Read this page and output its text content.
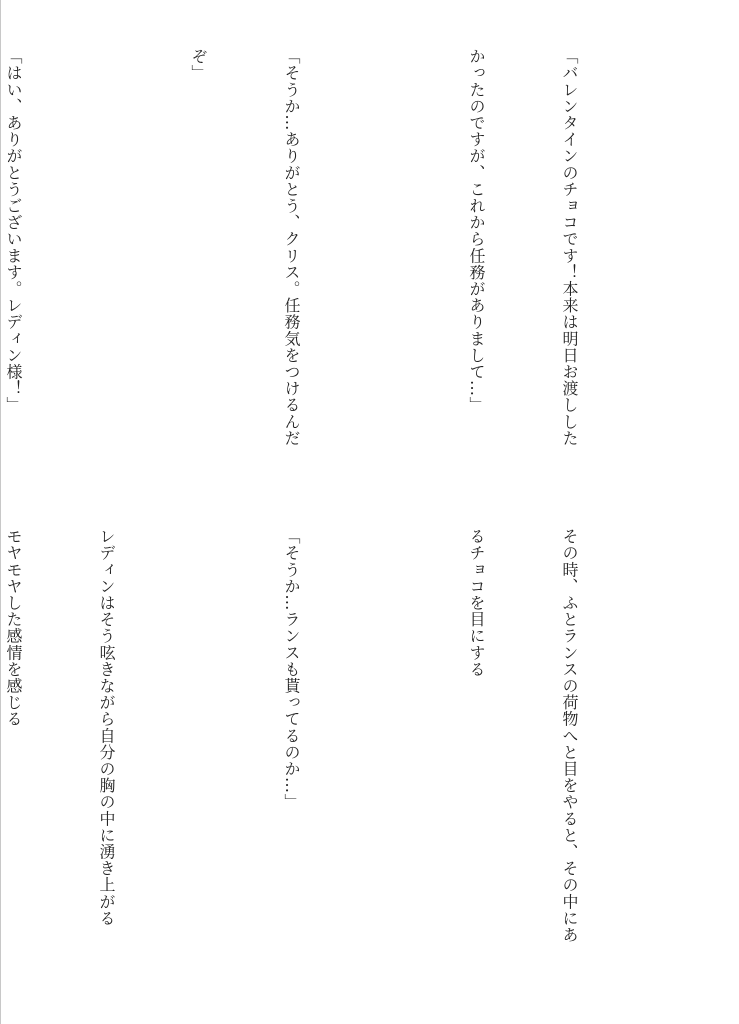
「バレンタインのチョコです！本来は明日お渡しした

かったのですが、これから任務がありまして…」

「そうか…ありがとう、クリス。任務気をつけるんだ

ぞ」

「はい、ありがとうございます。レディン様！」

その時、ふとランスの荷物へと目をやると、その中にあ

るチョコを目にする

「そうか…ランスも貰ってるのか…」

レディンはそう呟きながら自分の胸の中に湧き上がる

モヤモヤした感情を感じる
